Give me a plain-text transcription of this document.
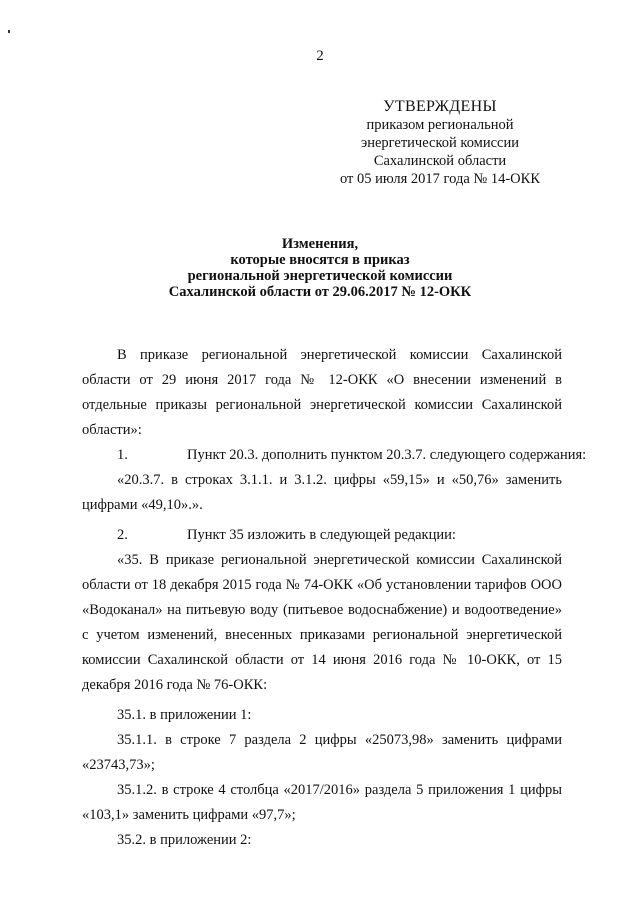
2
УТВЕРЖДЕНЫ
приказом региональной
энергетической комиссии
Сахалинской области
от 05 июля 2017 года № 14-ОКК
Изменения,
которые вносятся в приказ
региональной энергетической комиссии
Сахалинской области от 29.06.2017 № 12-ОКК

В приказе региональной энергетической комиссии Сахалинской области от 29 июня 2017 года № 12-ОКК «О внесении изменений в отдельные приказы региональной энергетической комиссии Сахалинской области»:

1.	Пункт 20.3. дополнить пунктом 20.3.7. следующего содержания:

«20.3.7. в строках 3.1.1. и 3.1.2. цифры «59,15» и «50,76» заменить цифрами «49,10».».

2.	Пункт 35 изложить в следующей редакции:

«35. В приказе региональной энергетической комиссии Сахалинской области от 18 декабря 2015 года № 74-ОКК «Об установлении тарифов ООО «Водоканал» на питьевую воду (питьевое водоснабжение) и водоотведение» с учетом изменений, внесенных приказами региональной энергетической комиссии Сахалинской области от 14 июня 2016 года № 10-ОКК, от 15 декабря 2016 года № 76-ОКК:

35.1. в приложении 1:

35.1.1. в строке 7 раздела 2 цифры «25073,98» заменить цифрами «23743,73»;

35.1.2. в строке 4 столбца «2017/2016» раздела 5 приложения 1 цифры «103,1» заменить цифрами «97,7»;

35.2. в приложении 2:
